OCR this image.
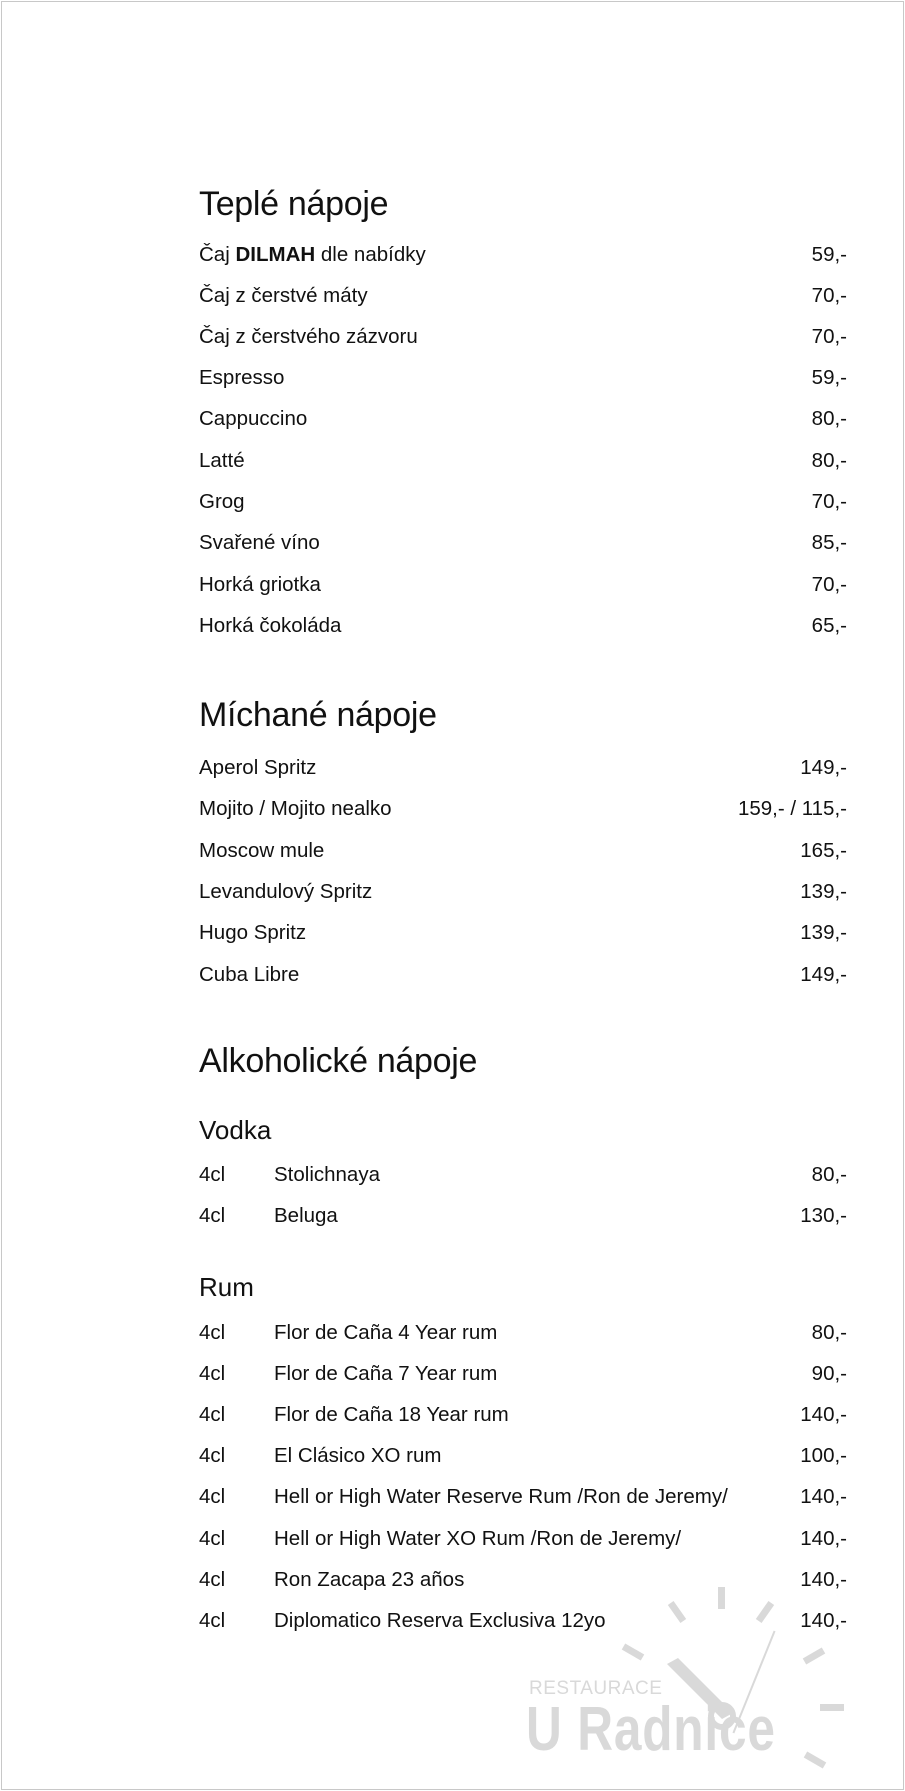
Teplé nápoje
Čaj DILMAH dle nabídky	59,-
Čaj z čerstvé máty	70,-
Čaj z čerstvého zázvoru	70,-
Espresso	59,-
Cappuccino	80,-
Latté	80,-
Grog	70,-
Svařené víno	85,-
Horká griotka	70,-
Horká čokoláda	65,-
Míchané nápoje
Aperol Spritz	149,-
Mojito / Mojito nealko	159,- / 115,-
Moscow mule	165,-
Levandulový Spritz	139,-
Hugo Spritz	139,-
Cuba Libre	149,-
Alkoholické nápoje
Vodka
4cl Stolichnaya	80,-
4cl Beluga	130,-
Rum
4cl Flor de Caña 4 Year rum	80,-
4cl Flor de Caña 7 Year rum	90,-
4cl Flor de Caña 18 Year rum	140,-
4cl El Clásico XO rum	100,-
4cl Hell or High Water Reserve Rum /Ron de Jeremy/	140,-
4cl Hell or High Water XO Rum /Ron de Jeremy/	140,-
4cl Ron Zacapa 23 años	140,-
4cl Diplomatico Reserva Exclusiva 12yo	140,-
RESTAURACE
U Radnice
